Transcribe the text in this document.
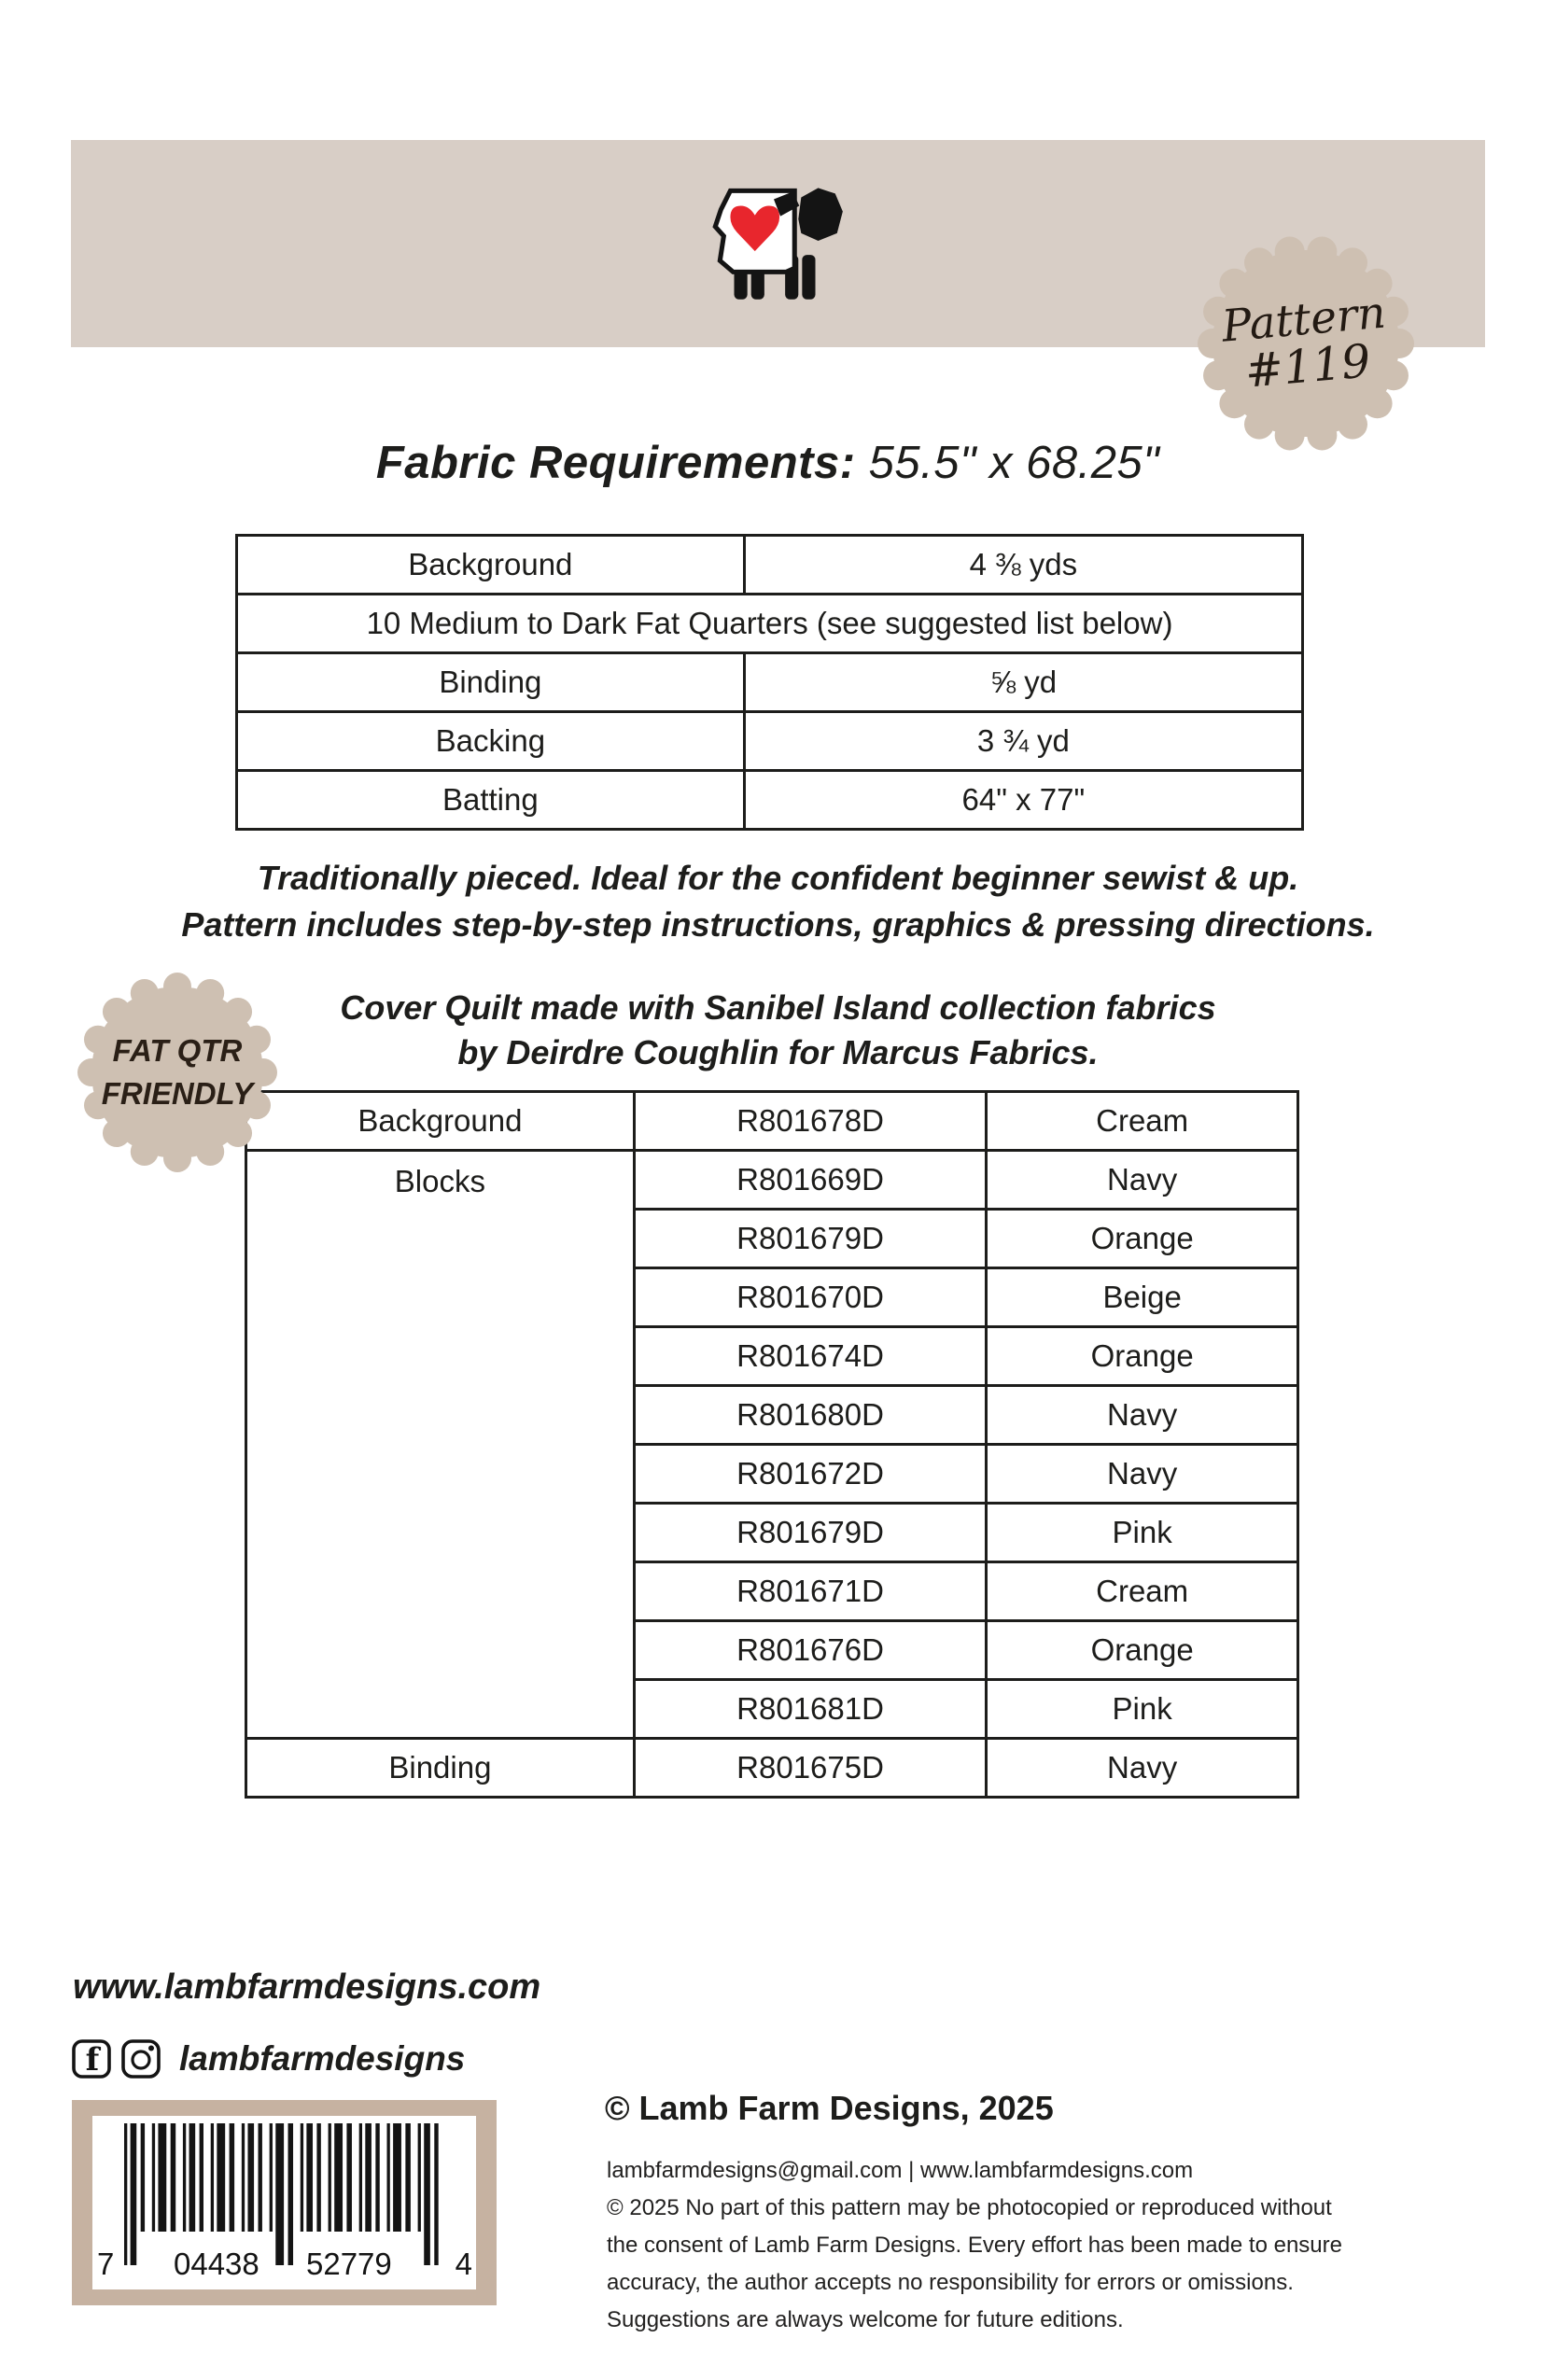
Pattern
#119
Fabric Requirements: 55.5" x 68.25"
Background	4 ⅜ yds
10 Medium to Dark Fat Quarters (see suggested list below)	
Binding	⅝ yd
Backing	3 ¾ yd
Batting	64" x 77"
Traditionally pieced. Ideal for the confident beginner sewist & up.
Pattern includes step-by-step instructions, graphics & pressing directions.
Cover Quilt made with Sanibel Island collection fabrics
by Deirdre Coughlin for Marcus Fabrics.
FAT QTR
FRIENDLY
Background	R801678D	Cream
Blocks	R801669D	Navy
	R801679D	Orange
	R801670D	Beige
	R801674D	Orange
	R801680D	Navy
	R801672D	Navy
	R801679D	Pink
	R801671D	Cream
	R801676D	Orange
	R801681D	Pink
Binding	R801675D	Navy
www.lambfarmdesigns.com
f lambfarmdesigns
7 04438 52779 4
© Lamb Farm Designs, 2025
lambfarmdesigns@gmail.com | www.lambfarmdesigns.com
© 2025 No part of this pattern may be photocopied or reproduced without
the consent of Lamb Farm Designs. Every effort has been made to ensure
accuracy, the author accepts no responsibility for errors or omissions.
Suggestions are always welcome for future editions.
